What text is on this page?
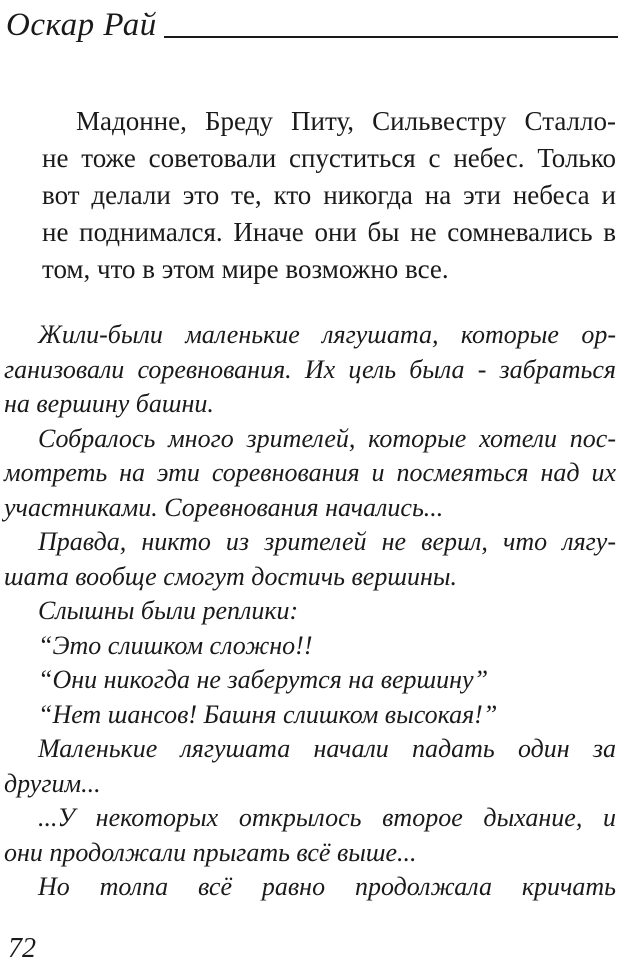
Оскар Рай
Мадонне, Бреду Питу, Сильвестру Сталло-
не тоже советовали спуститься с небес. Только
вот делали это те, кто никогда на эти небеса и
не поднимался. Иначе они бы не сомневались в
том, что в этом мире возможно все.
Жили-были маленькие лягушата, которые ор-
ганизовали соревнования. Их цель была - забраться
на вершину башни.
Собралось много зрителей, которые хотели пос-
мотреть на эти соревнования и посмеяться над их
участниками. Соревнования начались...
Правда, никто из зрителей не верил, что лягу-
шата вообще смогут достичь вершины.
Слышны были реплики:
“Это слишком сложно!!
“Они никогда не заберутся на вершину”
“Нет шансов! Башня слишком высокая!”
Маленькие лягушата начали падать один за
другим...
...У некоторых открылось второе дыхание, и
они продолжали прыгать всё выше...
Но толпа всё равно продолжала кричать
72
